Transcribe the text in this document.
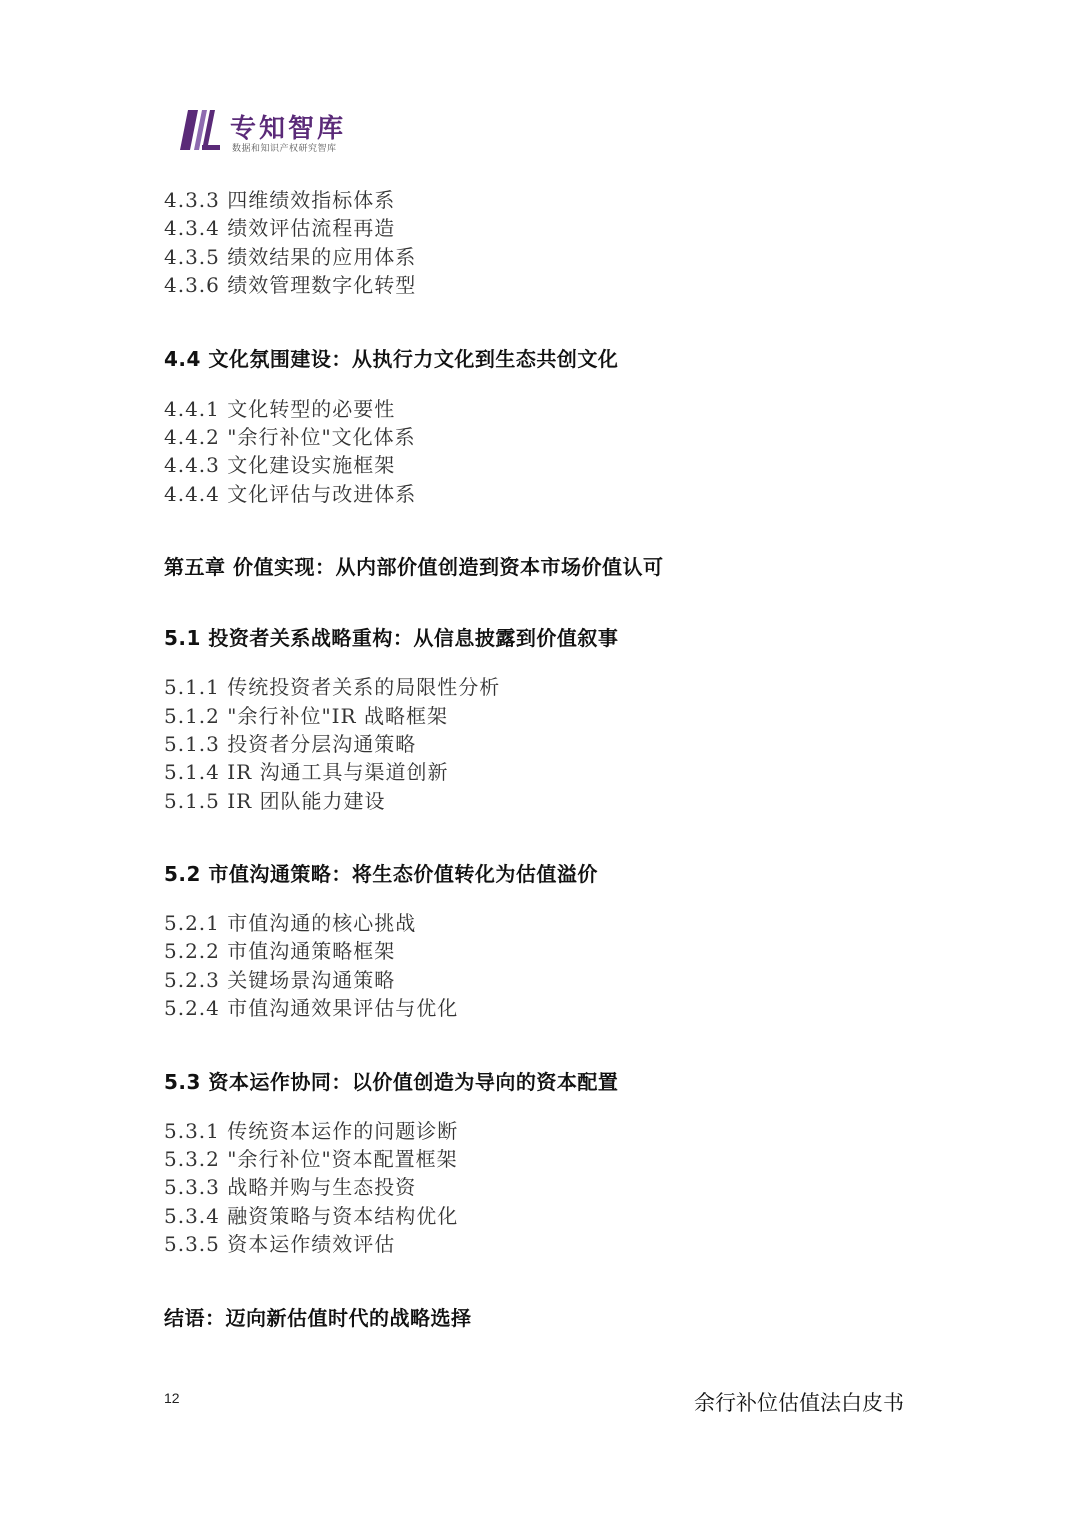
专知智库
数据和知识产权研究智库
4.3.3 四维绩效指标体系
4.3.4 绩效评估流程再造
4.3.5 绩效结果的应用体系
4.3.6 绩效管理数字化转型
4.4 文化氛围建设：从执行力文化到生态共创文化
4.4.1 文化转型的必要性
4.4.2 "余行补位"文化体系
4.4.3 文化建设实施框架
4.4.4 文化评估与改进体系
第五章 价值实现：从内部价值创造到资本市场价值认可
5.1 投资者关系战略重构：从信息披露到价值叙事
5.1.1 传统投资者关系的局限性分析
5.1.2 "余行补位"IR 战略框架
5.1.3 投资者分层沟通策略
5.1.4 IR 沟通工具与渠道创新
5.1.5 IR 团队能力建设
5.2 市值沟通策略：将生态价值转化为估值溢价
5.2.1 市值沟通的核心挑战
5.2.2 市值沟通策略框架
5.2.3 关键场景沟通策略
5.2.4 市值沟通效果评估与优化
5.3 资本运作协同：以价值创造为导向的资本配置
5.3.1 传统资本运作的问题诊断
5.3.2 "余行补位"资本配置框架
5.3.3 战略并购与生态投资
5.3.4 融资策略与资本结构优化
5.3.5 资本运作绩效评估
结语：迈向新估值时代的战略选择
12	余行补位估值法白皮书
